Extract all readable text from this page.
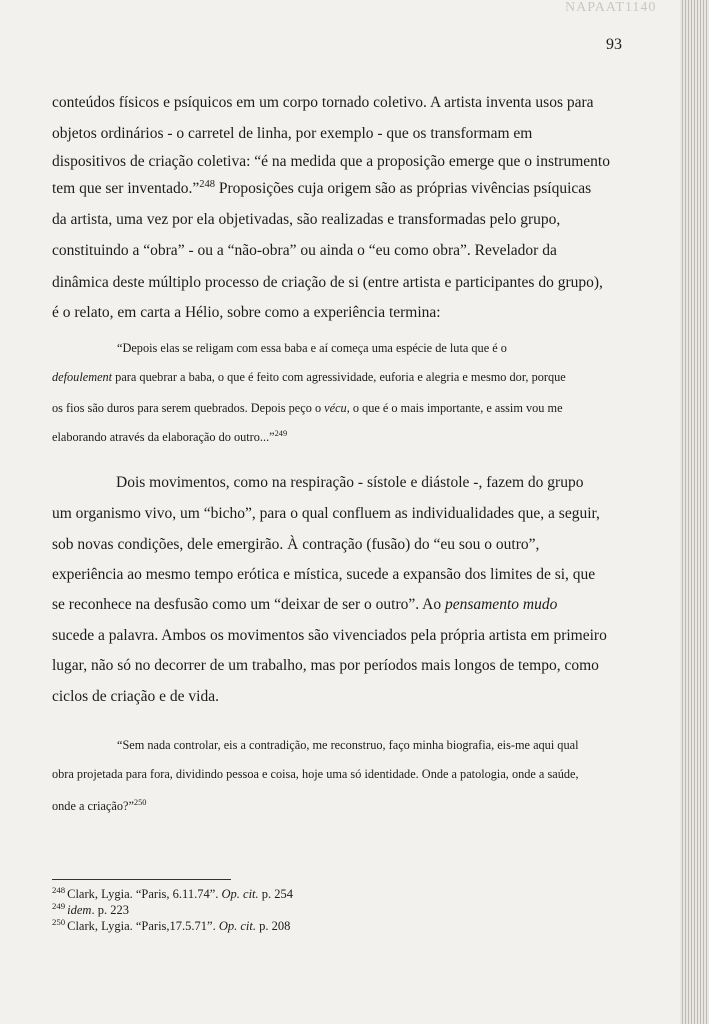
NAPAAT1140
93
conteúdos físicos e psíquicos em um corpo tornado coletivo. A artista inventa usos para
objetos ordinários - o carretel de linha, por exemplo - que os transformam em
dispositivos de criação coletiva: “é na medida que a proposição emerge que o instrumento
tem que ser inventado.”$^{248}$ Proposições cuja origem são as próprias vivências psíquicas
da artista, uma vez por ela objetivadas, são realizadas e transformadas pelo grupo,
constituindo a “obra” - ou a “não-obra” ou ainda o “eu como obra”. Revelador da
dinâmica deste múltiplo processo de criação de si (entre artista e participantes do grupo),
é o relato, em carta a Hélio, sobre como a experiência termina:
“Depois elas se religam com essa baba e aí começa uma espécie de luta que é o
defoulement para quebrar a baba, o que é feito com agressividade, euforia e alegria e mesmo dor, porque
os fios são duros para serem quebrados. Depois peço o vécu, o que é o mais importante, e assim vou me
elaborando através da elaboração do outro...”$^{249}$
Dois movimentos, como na respiração - sístole e diástole -, fazem do grupo
um organismo vivo, um “bicho”, para o qual confluem as individualidades que, a seguir,
sob novas condições, dele emergirão. À contração (fusão) do “eu sou o outro”,
experiência ao mesmo tempo erótica e mística, sucede a expansão dos limites de si, que
se reconhece na desfusão como um “deixar de ser o outro”. Ao pensamento mudo
sucede a palavra. Ambos os movimentos são vivenciados pela própria artista em primeiro
lugar, não só no decorrer de um trabalho, mas por períodos mais longos de tempo, como
ciclos de criação e de vida.
“Sem nada controlar, eis a contradição, me reconstruo, faço minha biografia, eis-me aqui qual
obra projetada para fora, dividindo pessoa e coisa, hoje uma só identidade. Onde a patologia, onde a saúde,
onde a criação?”$^{250}$
$^{248}$ Clark, Lygia. “Paris, 6.11.74”. Op. cit. p. 254
$^{249}$ idem. p. 223
$^{250}$ Clark, Lygia. “Paris,17.5.71”. Op. cit. p. 208
